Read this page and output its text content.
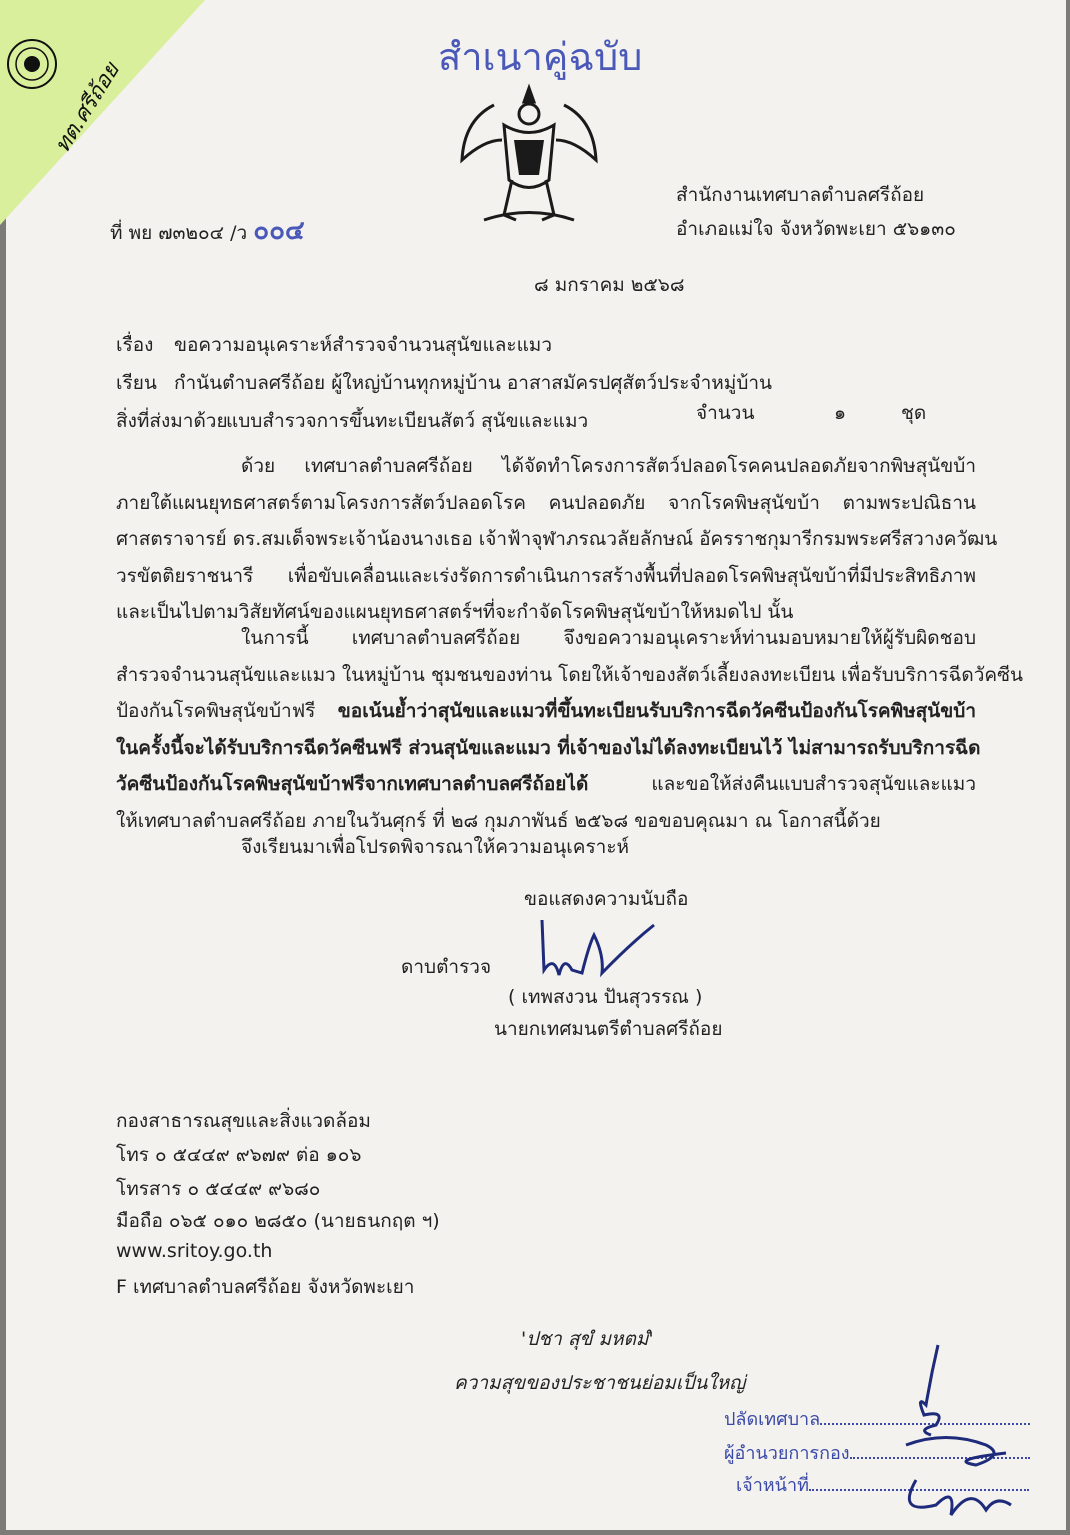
ทต.ศรีถ้อย
สำเนาคู่ฉบับ
ที่ พย ๗๓๒๐๔ /ว ๐๐๔
สำนักงานเทศบาลตำบลศรีถ้อย
อำเภอแม่ใจ จังหวัดพะเยา ๕๖๑๓๐
๘ มกราคม ๒๕๖๘
เรื่อง ขอความอนุเคราะห์สำรวจจำนวนสุนัขและแมว
เรียน กำนันตำบลศรีถ้อย ผู้ใหญ่บ้านทุกหมู่บ้าน อาสาสมัครปศุสัตว์ประจำหมู่บ้าน
สิ่งที่ส่งมาด้วย
แบบสำรวจการขึ้นทะเบียนสัตว์ สุนัขและแมว	จำนวน	๑	ชุด
ด้วย เทศบาลตำบลศรีถ้อย ได้จัดทำโครงการสัตว์ปลอดโรคคนปลอดภัยจากพิษสุนัขบ้า
ภายใต้แผนยุทธศาสตร์ตามโครงการสัตว์ปลอดโรค คนปลอดภัย จากโรคพิษสุนัขบ้า ตามพระปณิธาน
ศาสตราจารย์ ดร.สมเด็จพระเจ้าน้องนางเธอ เจ้าฟ้าจุฬาภรณวลัยลักษณ์ อัครราชกุมารีกรมพระศรีสวางควัฒน
วรขัตติยราชนารี เพื่อขับเคลื่อนและเร่งรัดการดำเนินการสร้างพื้นที่ปลอดโรคพิษสุนัขบ้าที่มีประสิทธิภาพ
และเป็นไปตามวิสัยทัศน์ของแผนยุทธศาสตร์ฯที่จะกำจัดโรคพิษสุนัขบ้าให้หมดไป นั้น
ในการนี้ เทศบาลตำบลศรีถ้อย จึงขอความอนุเคราะห์ท่านมอบหมายให้ผู้รับผิดชอบ
สำรวจจำนวนสุนัขและแมว ในหมู่บ้าน ชุมชนของท่าน โดยให้เจ้าของสัตว์เลี้ยงลงทะเบียน เพื่อรับบริการฉีดวัคซีน
ป้องกันโรคพิษสุนัขบ้าฟรี ขอเน้นย้ำว่าสุนัขและแมวที่ขึ้นทะเบียนรับบริการฉีดวัคซีนป้องกันโรคพิษสุนัขบ้า
ในครั้งนี้จะได้รับบริการฉีดวัคซีนฟรี ส่วนสุนัขและแมว ที่เจ้าของไม่ได้ลงทะเบียนไว้ ไม่สามารถรับบริการฉีด
วัคซีนป้องกันโรคพิษสุนัขบ้าฟรีจากเทศบาลตำบลศรีถ้อยได้ และขอให้ส่งคืนแบบสำรวจสุนัขและแมว
ให้เทศบาลตำบลศรีถ้อย ภายในวันศุกร์ ที่ ๒๘ กุมภาพันธ์ ๒๕๖๘ ขอขอบคุณมา ณ โอกาสนี้ด้วย
จึงเรียนมาเพื่อโปรดพิจารณาให้ความอนุเคราะห์
ขอแสดงความนับถือ
ดาบตำรวจ
( เทพสงวน ปันสุวรรณ )
นายกเทศมนตรีตำบลศรีถ้อย
กองสาธารณสุขและสิ่งแวดล้อม
โทร ๐ ๕๔๔๙ ๙๖๗๙ ต่อ ๑๐๖
โทรสาร ๐ ๕๔๔๙ ๙๖๘๐
มือถือ ๐๖๕ ๐๑๐ ๒๘๕๐ (นายธนกฤต ฯ)
www.sritoy.go.th
F เทศบาลตำบลศรีถ้อย จังหวัดพะเยา
'ปชา สุขํ มหตมํ'
ความสุขของประชาชนย่อมเป็นใหญ่
ปลัดเทศบาล
ผู้อำนวยการกอง
เจ้าหน้าที่
